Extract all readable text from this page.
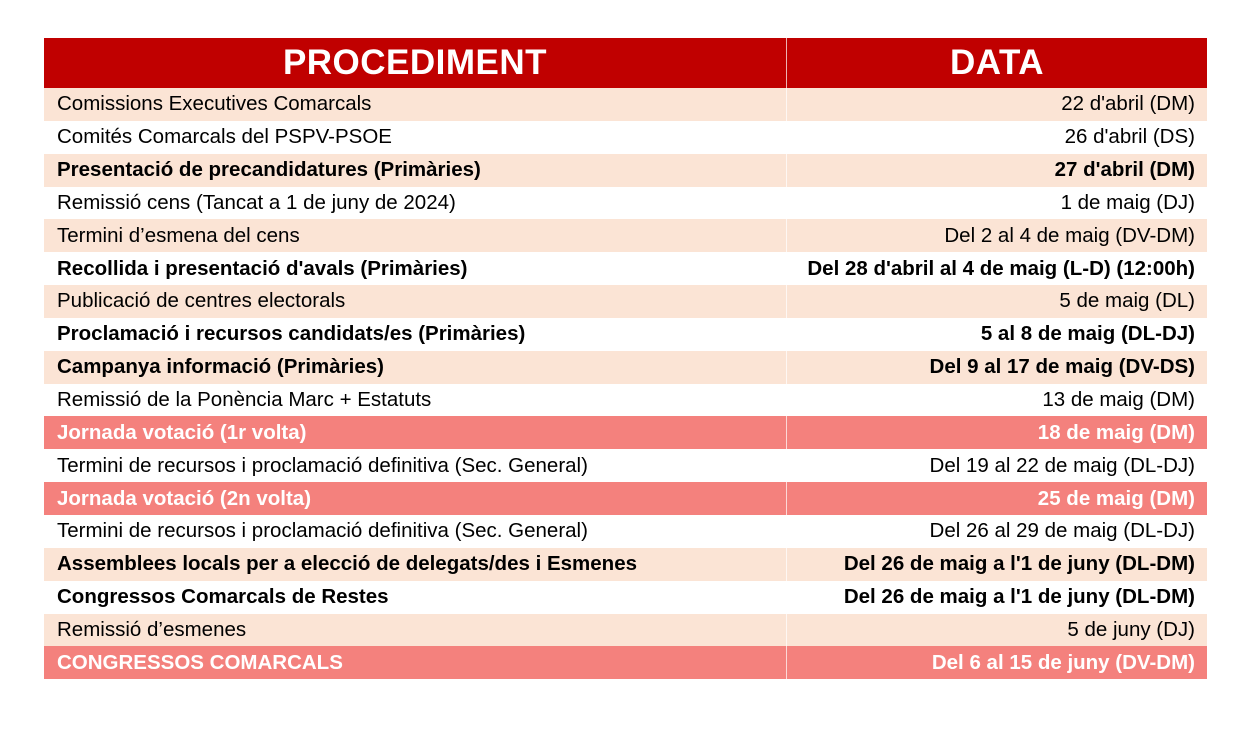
PROCEDIMENT	DATA
Comissions Executives Comarcals	22 d'abril (DM)
Comités Comarcals del PSPV-PSOE	26 d'abril (DS)
Presentació de precandidatures (Primàries)	27 d'abril (DM)
Remissió cens (Tancat a 1 de juny de 2024)	1 de maig (DJ)
Termini d’esmena del cens	Del 2 al 4 de maig (DV-DM)
Recollida i presentació d'avals (Primàries)	Del 28 d'abril al 4 de maig (L-D) (12:00h)
Publicació de centres electorals	5 de maig (DL)
Proclamació i recursos candidats/es (Primàries)	5 al 8 de maig (DL-DJ)
Campanya informació (Primàries)	Del 9 al 17 de maig (DV-DS)
Remissió de la Ponència Marc + Estatuts	13 de maig (DM)
Jornada votació (1r volta)	18 de maig (DM)
Termini de recursos i proclamació definitiva (Sec. General)	Del 19 al 22 de maig (DL-DJ)
Jornada votació (2n volta)	25 de maig (DM)
Termini de recursos i proclamació definitiva (Sec. General)	Del 26 al 29 de maig (DL-DJ)
Assemblees locals per a elecció de delegats/des i Esmenes	Del 26 de maig a l'1 de juny (DL-DM)
Congressos Comarcals de Restes	Del 26 de maig a l'1 de juny (DL-DM)
Remissió d’esmenes	5 de juny (DJ)
CONGRESSOS COMARCALS	Del 6 al 15 de juny (DV-DM)
